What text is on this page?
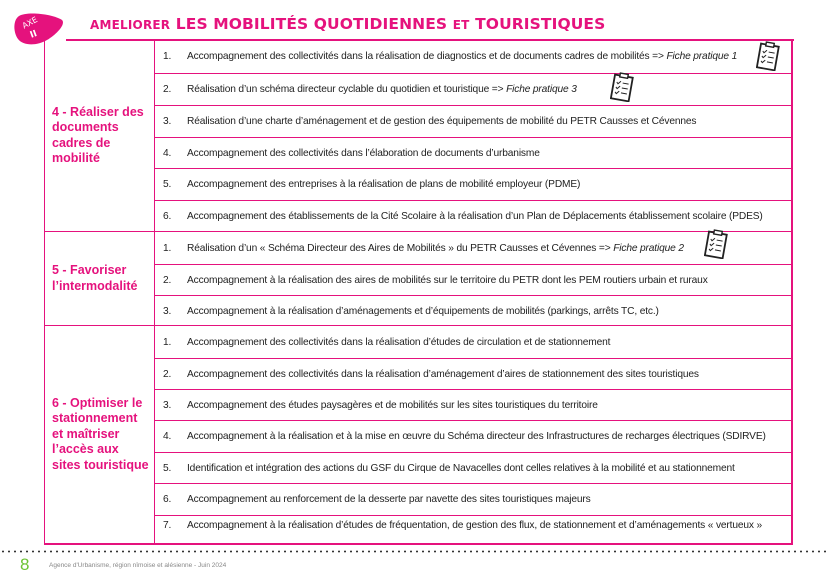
AXE
II
AMELIORER LES MOBILITÉS QUOTIDIENNES ET TOURISTIQUES
4 - Réaliser des documents cadres de mobilité
1.	Accompagnement des collectivités dans la réalisation de diagnostics et de documents cadres de mobilités => Fiche pratique 1
2.	Réalisation d’un schéma directeur cyclable du quotidien et touristique => Fiche pratique 3
3.	Réalisation d’une charte d’aménagement et de gestion des équipements de mobilité du PETR Causses et Cévennes
4.	Accompagnement des collectivités dans l’élaboration de documents d’urbanisme
5.	Accompagnement des entreprises à la réalisation de plans de mobilité employeur (PDME)
6.	Accompagnement des établissements de la Cité Scolaire à la réalisation d’un Plan de Déplacements établissement scolaire (PDES)
5 - Favoriser l’intermodalité
1.	Réalisation d’un « Schéma Directeur des Aires de Mobilités » du PETR Causses et Cévennes => Fiche pratique 2
2.	Accompagnement à la réalisation des aires de mobilités sur le territoire du PETR dont les PEM routiers urbain et ruraux
3.	Accompagnement à la réalisation d’aménagements et d’équipements de mobilités (parkings, arrêts TC, etc.)
6 - Optimiser le stationnement et maîtriser l’accès aux sites touristique
1.	Accompagnement des collectivités dans la réalisation d’études de circulation et de stationnement
2.	Accompagnement des collectivités dans la réalisation d’aménagement d’aires de stationnement des sites touristiques
3.	Accompagnement des études paysagères et de mobilités sur les sites touristiques du territoire
4.	Accompagnement à la réalisation et à la mise en œuvre du Schéma directeur des Infrastructures de recharges électriques (SDIRVE)
5.	Identification et intégration des actions du GSF du Cirque de Navacelles dont celles relatives à la mobilité et au stationnement
6.	Accompagnement au renforcement de la desserte par navette des sites touristiques majeurs
7.	Accompagnement à la réalisation d’études de fréquentation, de gestion des flux, de stationnement et d’aménagements « vertueux »
8	Agence d'Urbanisme, région nîmoise et alésienne - Juin 2024
